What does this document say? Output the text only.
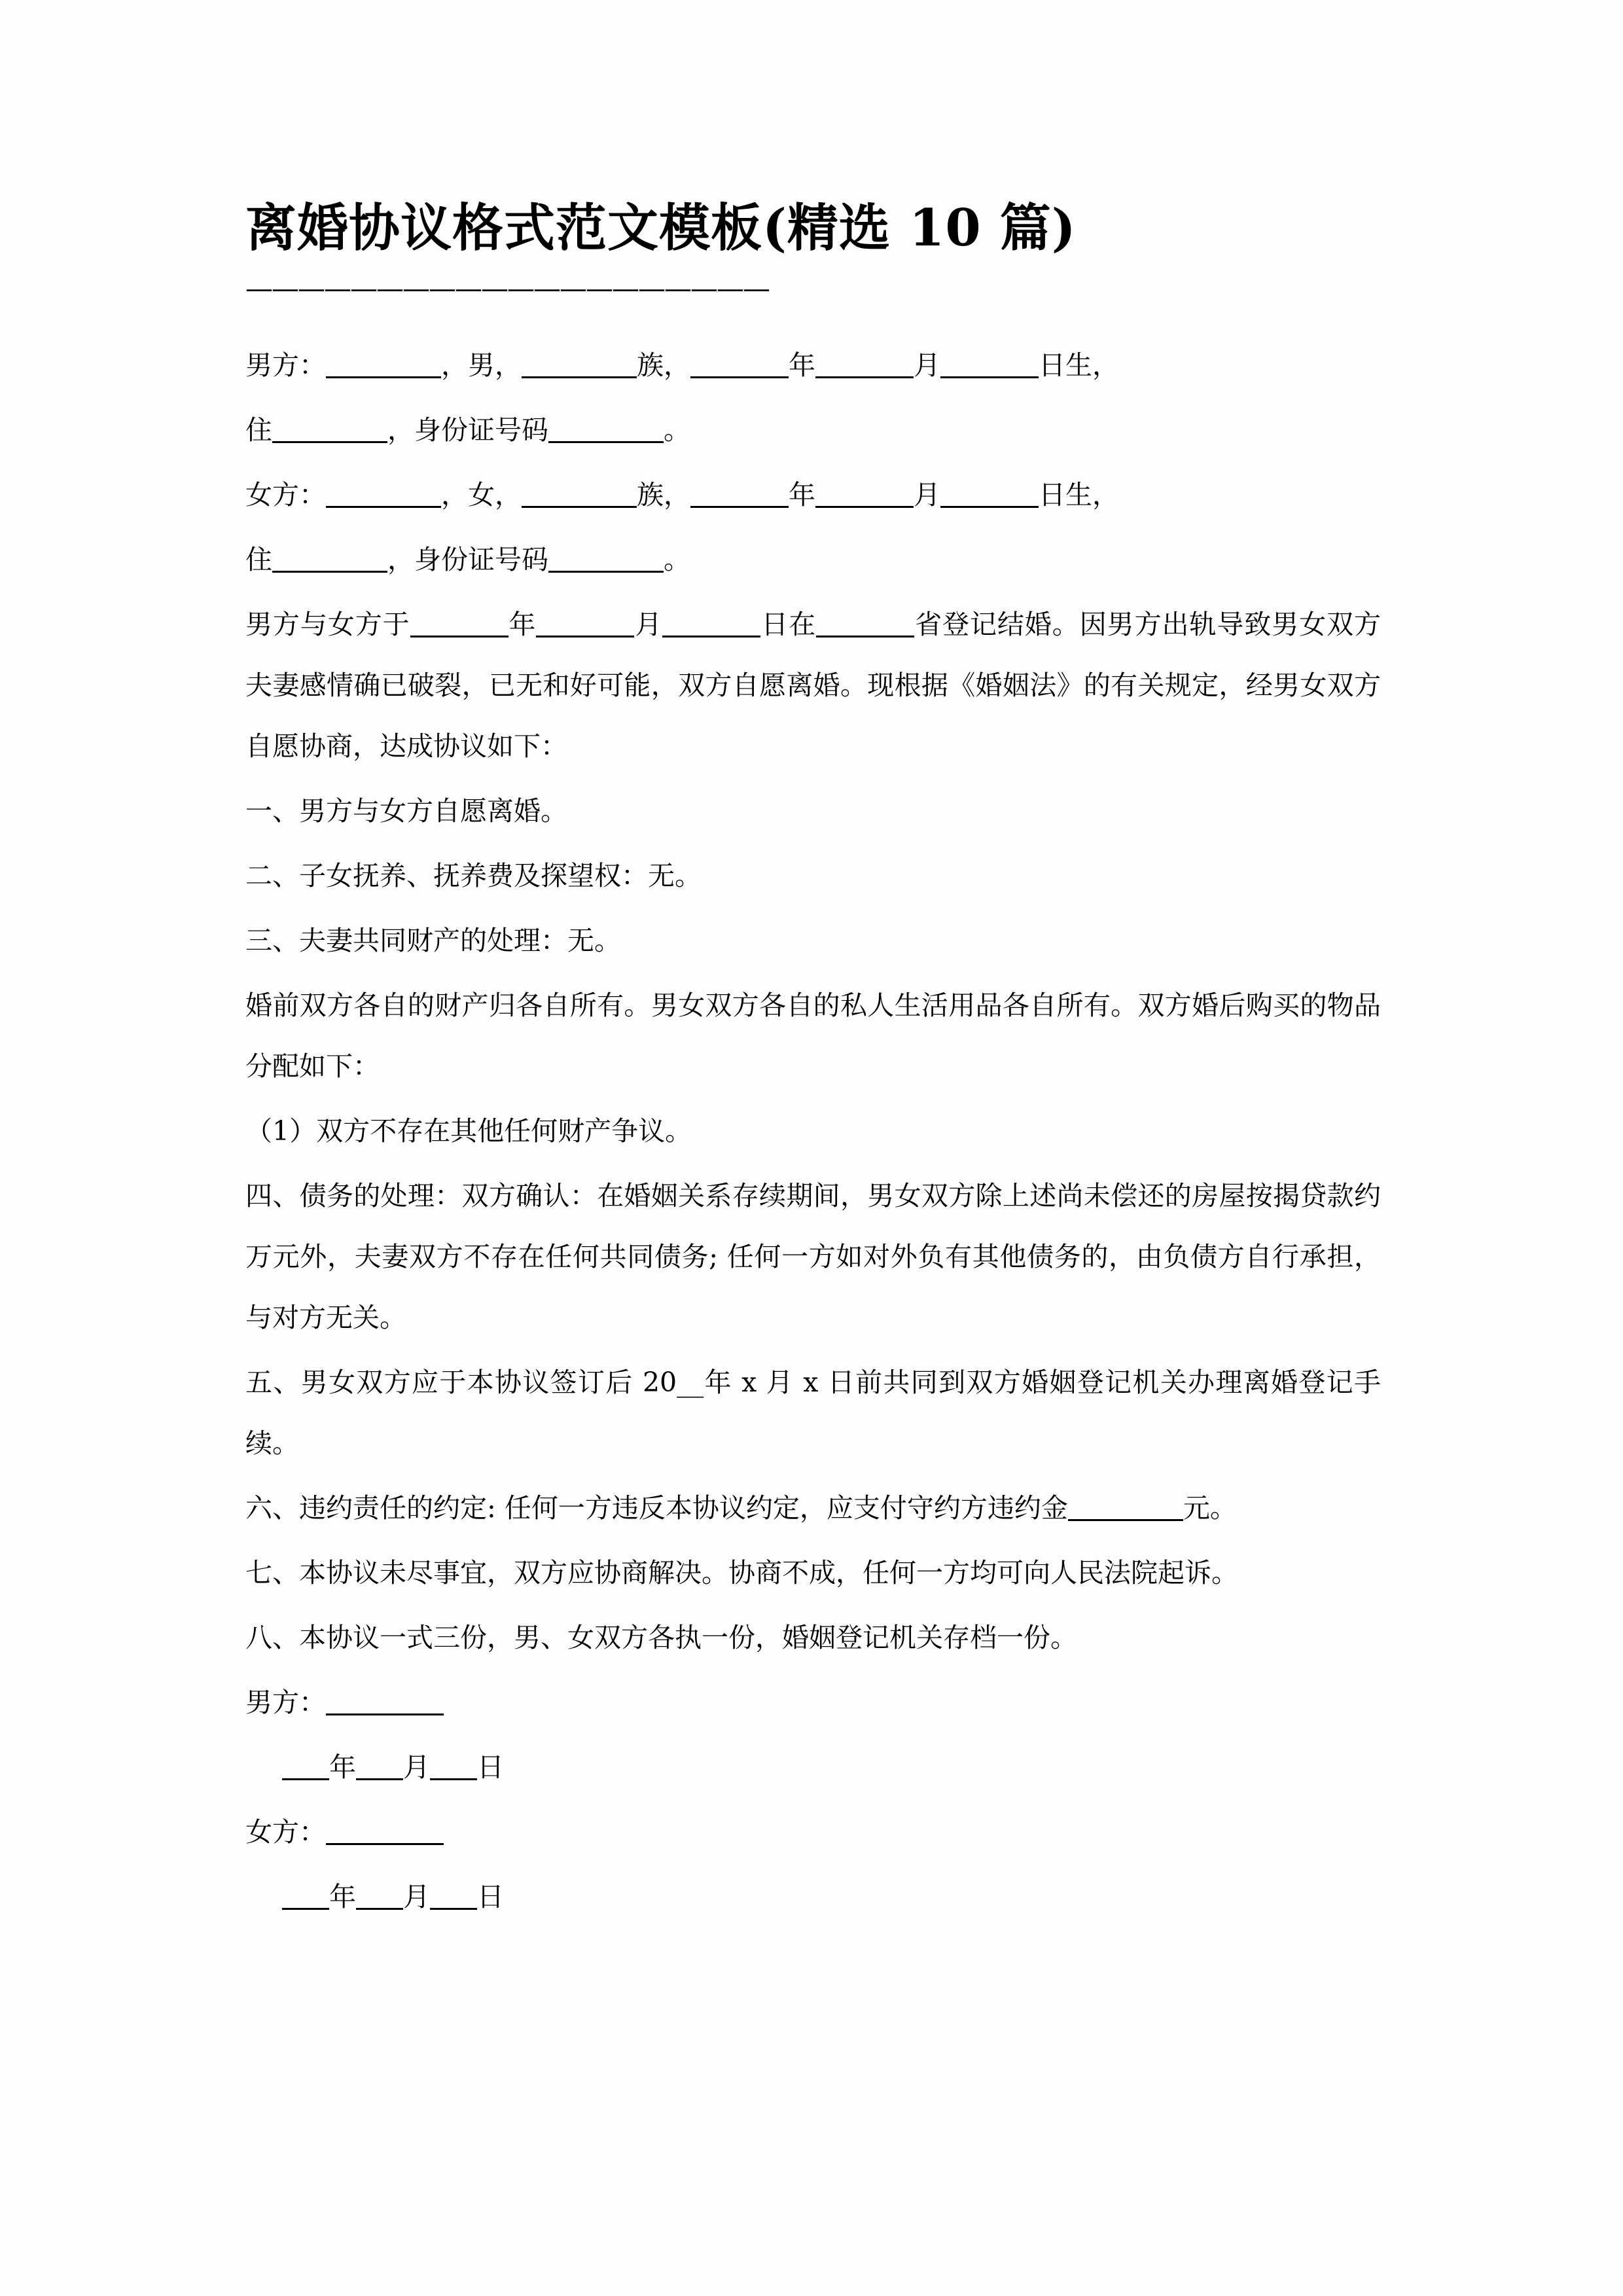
离婚协议格式范文模板(精选 10 篇)
————————————————————

男方：	，男，	族，	年	月	日生，

住	，身份证号码	。

女方：	，女，	族，	年	月	日生，

住	，身份证号码	。

男方与女方于	年	月	日在	省登记结婚。因男方出轨导致男女双方夫妻感情确已破裂，已无和好可能，双方自愿离婚。现根据《婚姻法》的有关规定，经男女双方自愿协商，达成协议如下：

一、男方与女方自愿离婚。

二、子女抚养、抚养费及探望权：无。

三、夫妻共同财产的处理：无。

婚前双方各自的财产归各自所有。男女双方各自的私人生活用品各自所有。双方婚后购买的物品分配如下：

（1）双方不存在其他任何财产争议。

四、债务的处理：双方确认：在婚姻关系存续期间，男女双方除上述尚未偿还的房屋按揭贷款约万元外，夫妻双方不存在任何共同债务; 任何一方如对外负有其他债务的，由负债方自行承担，与对方无关。

五、男女双方应于本协议签订后 20__年 x 月 x 日前共同到双方婚姻登记机关办理离婚登记手续。

六、违约责任的约定: 任何一方违反本协议约定，应支付守约方违约金	元。

七、本协议未尽事宜，双方应协商解决。协商不成，任何一方均可向人民法院起诉。

八、本协议一式三份，男、女双方各执一份，婚姻登记机关存档一份。

男方：

年 月 日

女方：

年 月 日
